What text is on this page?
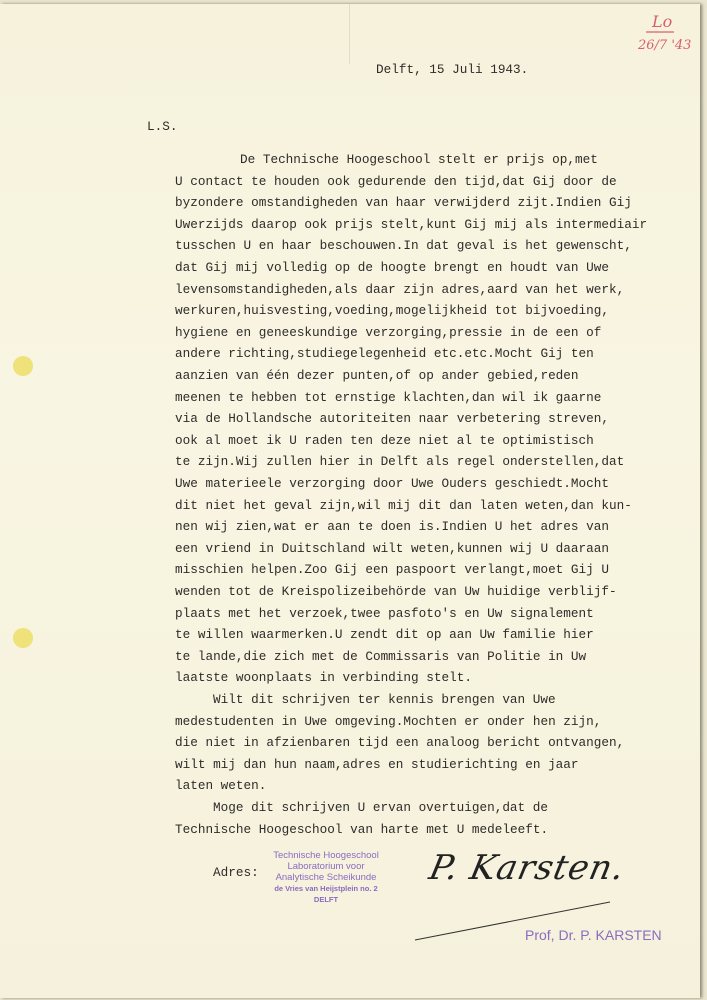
Lo
26/7 '43
Delft, 15 Juli 1943.
L.S.
De Technische Hoogeschool stelt er prijs op,met
U contact te houden ook gedurende den tijd,dat Gij door de
byzondere omstandigheden van haar verwijderd zijt.Indien Gij
Uwerzijds daarop ook prijs stelt,kunt Gij mij als intermediair
tusschen U en haar beschouwen.In dat geval is het gewenscht,
dat Gij mij volledig op de hoogte brengt en houdt van Uwe
levensomstandigheden,als daar zijn adres,aard van het werk,
werkuren,huisvesting,voeding,mogelijkheid tot bijvoeding,
hygiene en geneeskundige verzorging,pressie in de een of
andere richting,studiegelegenheid etc.etc.Mocht Gij ten
aanzien van één dezer punten,of op ander gebied,reden
meenen te hebben tot ernstige klachten,dan wil ik gaarne
via de Hollandsche autoriteiten naar verbetering streven,
ook al moet ik U raden ten deze niet al te optimistisch
te zijn.Wij zullen hier in Delft als regel onderstellen,dat
Uwe materieele verzorging door Uwe Ouders geschiedt.Mocht
dit niet het geval zijn,wil mij dit dan laten weten,dan kun-
nen wij zien,wat er aan te doen is.Indien U het adres van
een vriend in Duitschland wilt weten,kunnen wij U daaraan
misschien helpen.Zoo Gij een paspoort verlangt,moet Gij U
wenden tot de Kreispolizeibehörde van Uw huidige verblijf-
plaats met het verzoek,twee pasfoto's en Uw signalement
te willen waarmerken.U zendt dit op aan Uw familie hier
te lande,die zich met de Commissaris van Politie in Uw
laatste woonplaats in verbinding stelt.
Wilt dit schrijven ter kennis brengen van Uwe
medestudenten in Uwe omgeving.Mochten er onder hen zijn,
die niet in afzienbaren tijd een analoog bericht ontvangen,
wilt mij dan hun naam,adres en studierichting en jaar
laten weten.
Moge dit schrijven U ervan overtuigen,dat de
Technische Hoogeschool van harte met U medeleeft.
Adres:
Technische Hoogeschool
Laboratorium voor
Analytische Scheikunde
de Vries van Heijstplein no. 2
DELFT
P. Karsten.
Prof, Dr. P. KARSTEN
